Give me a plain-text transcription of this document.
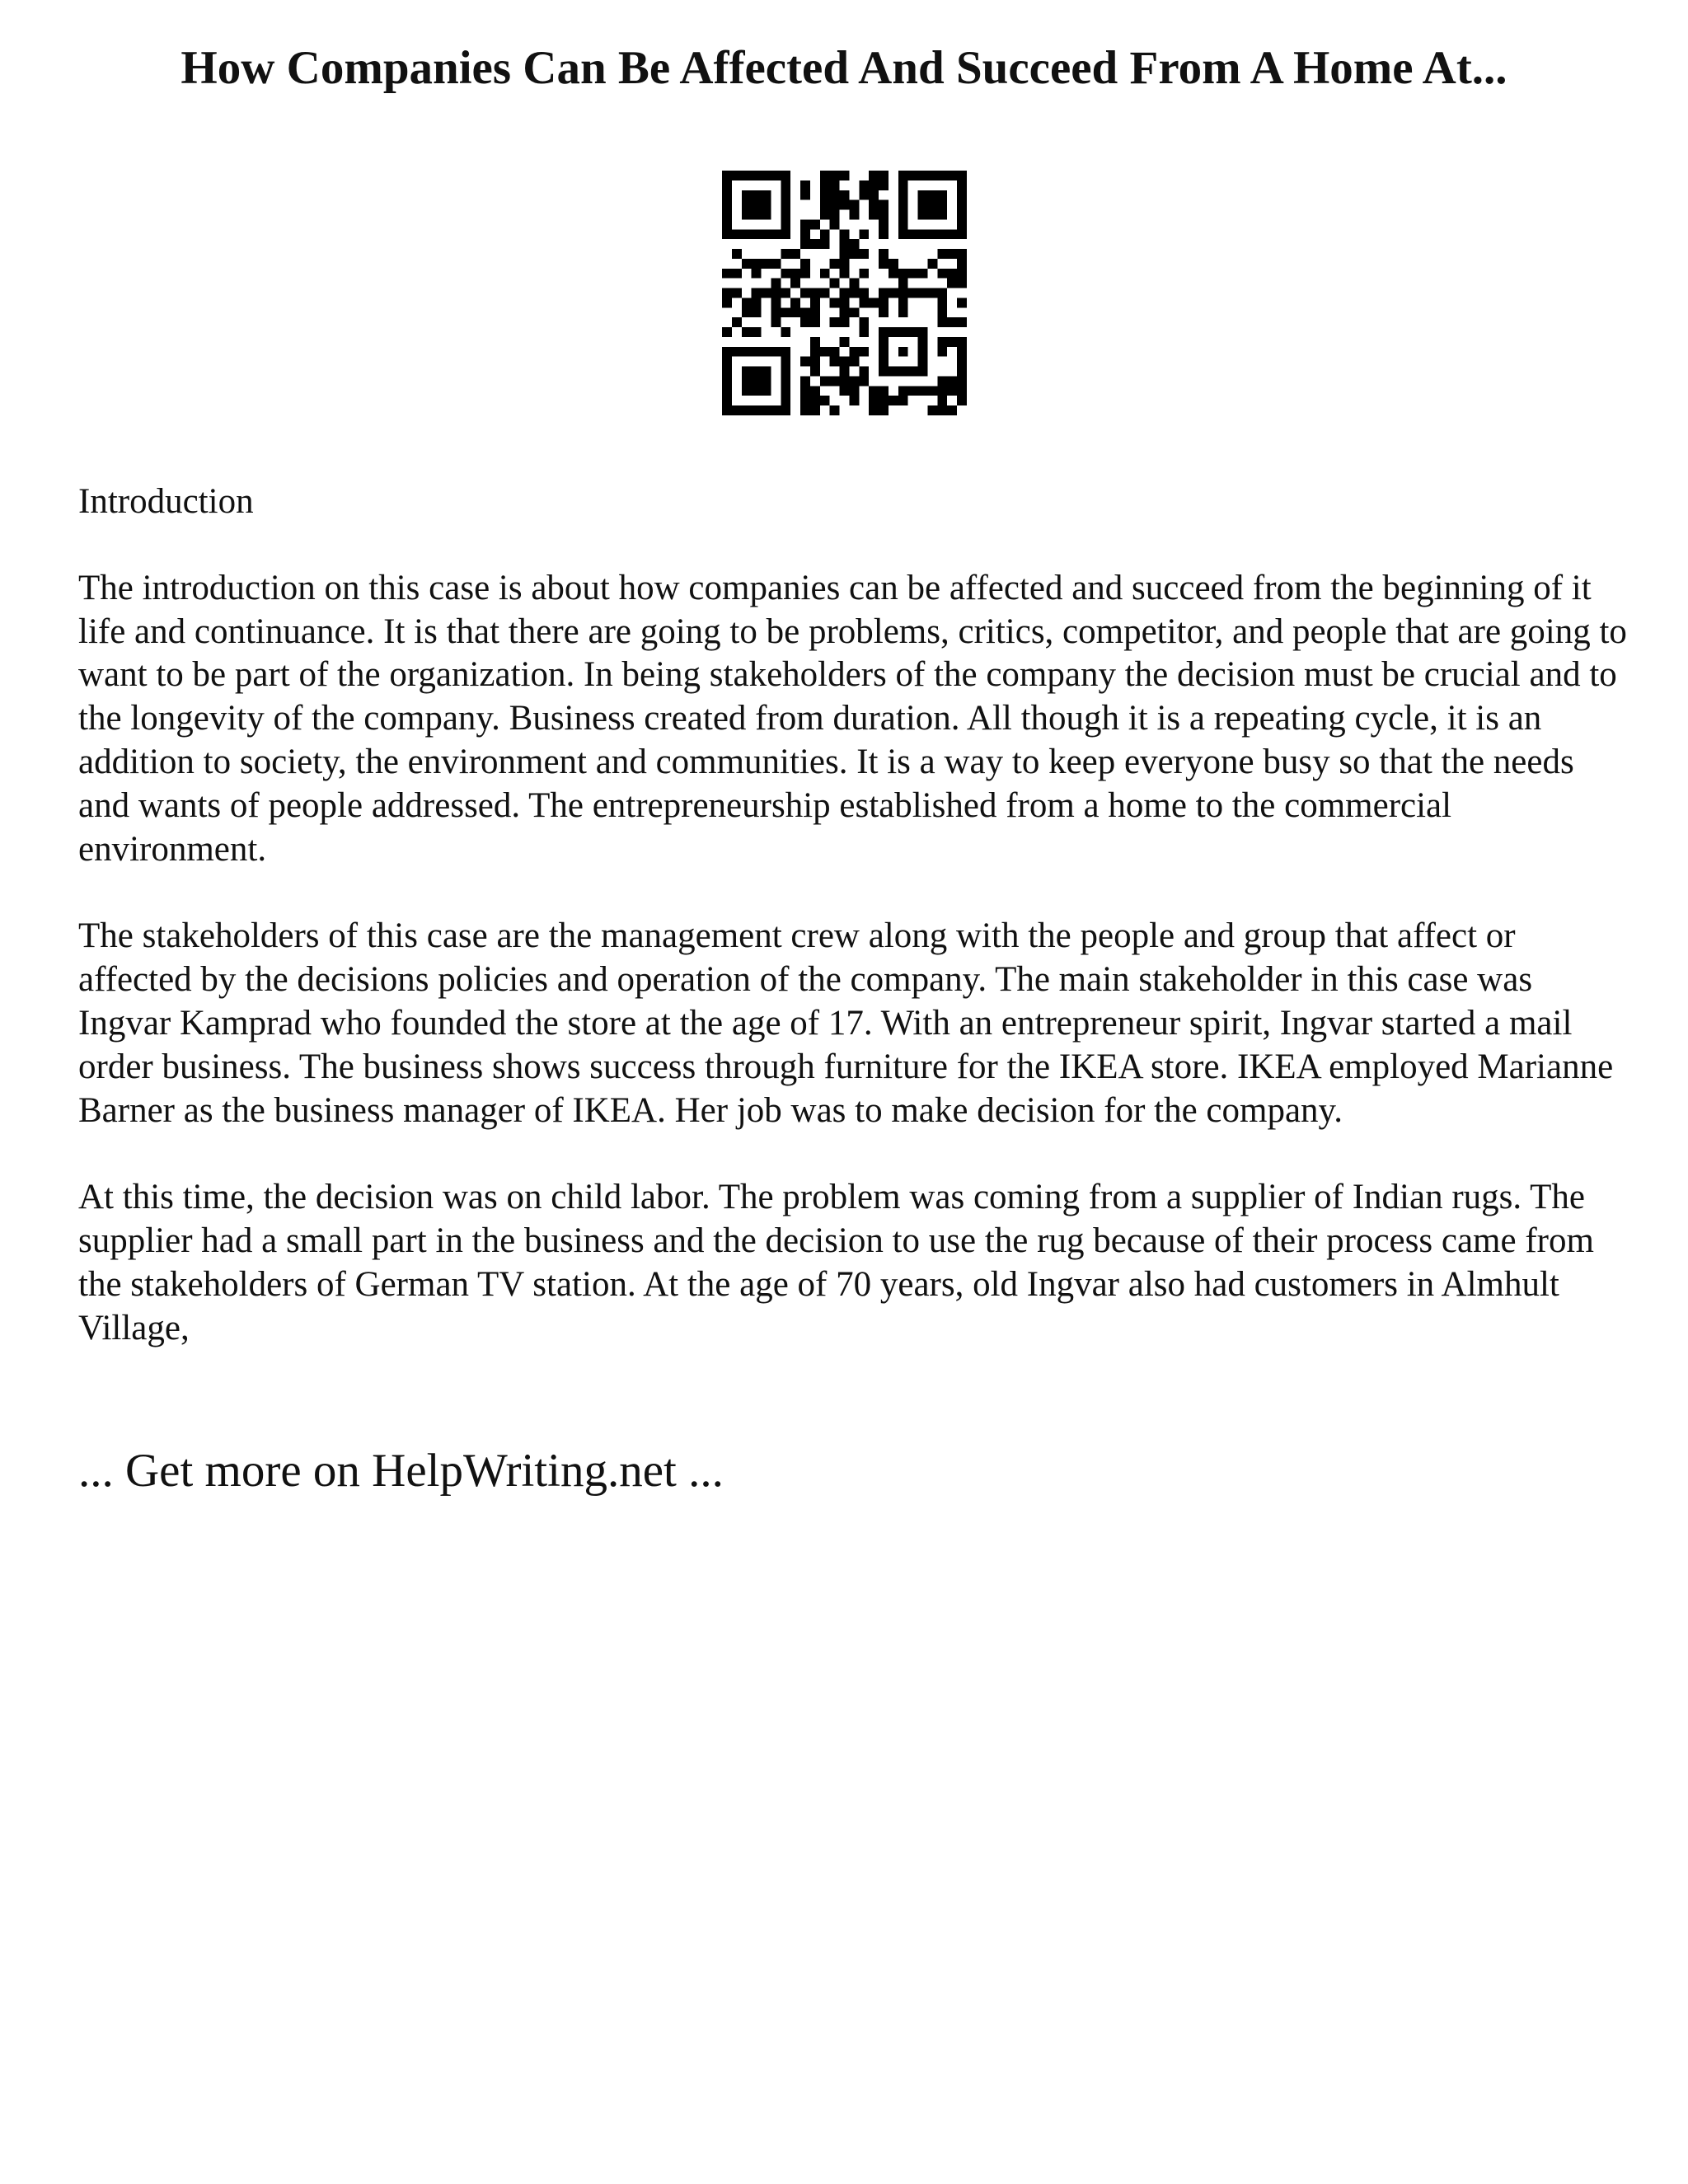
How Companies Can Be Affected And Succeed From A Home At...

Introduction

The introduction on this case is about how companies can be affected and succeed from the beginning of it life and continuance. It is that there are going to be problems, critics, competitor, and people that are going to want to be part of the organization. In being stakeholders of the company the decision must be crucial and to the longevity of the company. Business created from duration. All though it is a repeating cycle, it is an addition to society, the environment and communities. It is a way to keep everyone busy so that the needs and wants of people addressed. The entrepreneurship established from a home to the commercial environment.

The stakeholders of this case are the management crew along with the people and group that affect or affected by the decisions policies and operation of the company. The main stakeholder in this case was Ingvar Kamprad who founded the store at the age of 17. With an entrepreneur spirit, Ingvar started a mail order business. The business shows success through furniture for the IKEA store. IKEA employed Marianne Barner as the business manager of IKEA. Her job was to make decision for the company.

At this time, the decision was on child labor. The problem was coming from a supplier of Indian rugs. The supplier had a small part in the business and the decision to use the rug because of their process came from the stakeholders of German TV station. At the age of 70 years, old Ingvar also had customers in Almhult Village,

... Get more on HelpWriting.net ...
